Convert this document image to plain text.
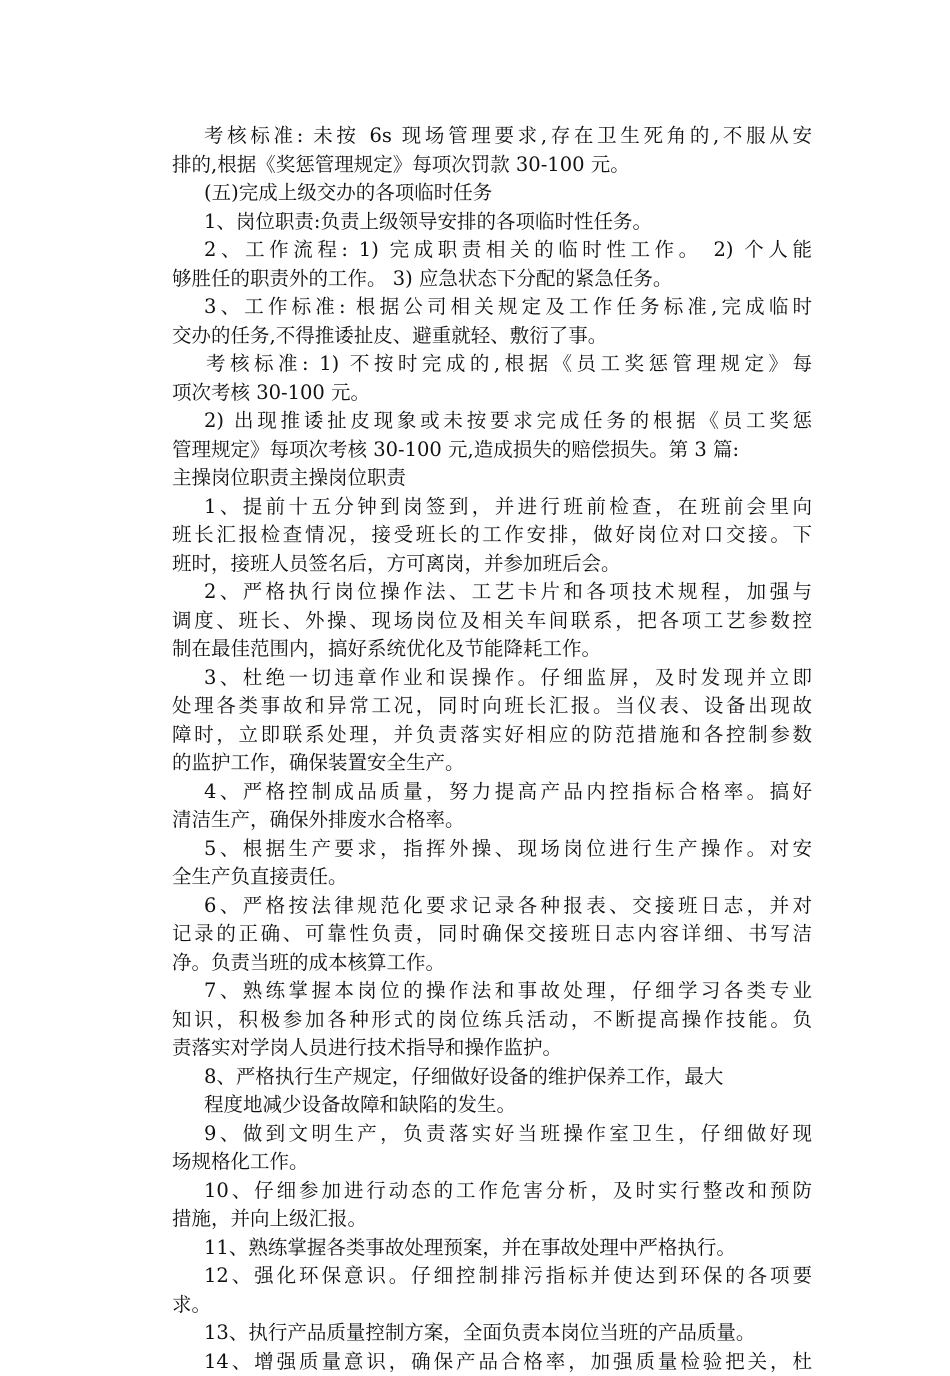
考核标准: 未按 6s 现场管理要求,存在卫生死角的,不服从安
排的,根据《奖惩管理规定》每项次罚款 30-100 元。
(五)完成上级交办的各项临时任务
1、岗位职责:负责上级领导安排的各项临时性任务。
2、工作流程: 1) 完成职责相关的临时性工作。 2) 个人能
够胜任的职责外的工作。 3) 应急状态下分配的紧急任务。
3、工作标准: 根据公司相关规定及工作任务标准,完成临时
交办的任务,不得推诿扯皮、避重就轻、敷衍了事。
考核标准: 1) 不按时完成的,根据《员工奖惩管理规定》每
项次考核 30-100 元。
2) 出现推诿扯皮现象或未按要求完成任务的根据《员工奖惩
管理规定》每项次考核 30-100 元,造成损失的赔偿损失。第 3 篇:
主操岗位职责主操岗位职责
1、提前十五分钟到岗签到，并进行班前检查，在班前会里向
班长汇报检查情况，接受班长的工作安排，做好岗位对口交接。下
班时，接班人员签名后，方可离岗，并参加班后会。
2、严格执行岗位操作法、工艺卡片和各项技术规程，加强与
调度、班长、外操、现场岗位及相关车间联系，把各项工艺参数控
制在最佳范围内，搞好系统优化及节能降耗工作。
3、杜绝一切违章作业和误操作。仔细监屏，及时发现并立即
处理各类事故和异常工况，同时向班长汇报。当仪表、设备出现故
障时，立即联系处理，并负责落实好相应的防范措施和各控制参数
的监护工作，确保装置安全生产。
4、严格控制成品质量，努力提高产品内控指标合格率。搞好
清洁生产，确保外排废水合格率。
5、根据生产要求，指挥外操、现场岗位进行生产操作。对安
全生产负直接责任。
6、严格按法律规范化要求记录各种报表、交接班日志，并对
记录的正确、可靠性负责，同时确保交接班日志内容详细、书写洁
净。负责当班的成本核算工作。
7、熟练掌握本岗位的操作法和事故处理，仔细学习各类专业
知识，积极参加各种形式的岗位练兵活动，不断提高操作技能。负
责落实对学岗人员进行技术指导和操作监护。
8、严格执行生产规定，仔细做好设备的维护保养工作，最大
程度地减少设备故障和缺陷的发生。
9、做到文明生产，负责落实好当班操作室卫生，仔细做好现
场规格化工作。
10、仔细参加进行动态的工作危害分析，及时实行整改和预防
措施，并向上级汇报。
11、熟练掌握各类事故处理预案，并在事故处理中严格执行。
12、强化环保意识。仔细控制排污指标并使达到环保的各项要
求。
13、执行产品质量控制方案，全面负责本岗位当班的产品质量。
14、增强质量意识，确保产品合格率，加强质量检验把关，杜
